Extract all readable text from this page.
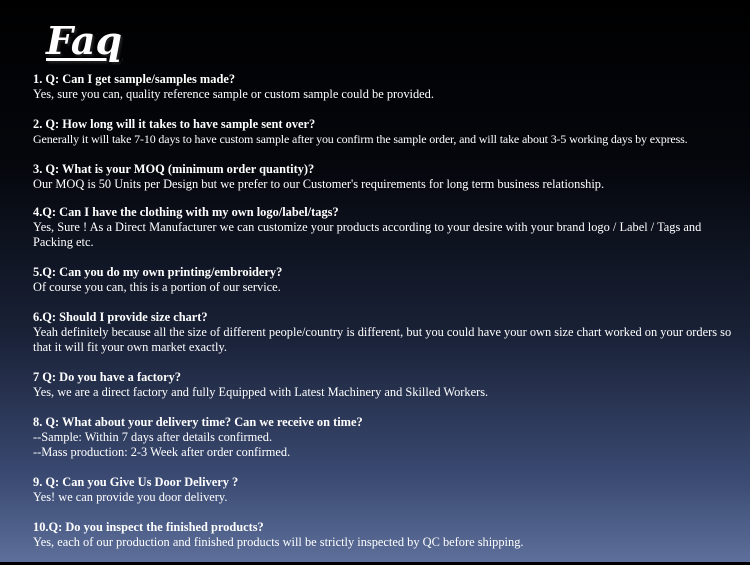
Faq
1. Q: Can I get sample/samples made?
Yes, sure you can, quality reference sample or custom sample could be provided.
2. Q: How long will it takes to have sample sent over?
Generally it will take 7-10 days to have custom sample after you confirm the sample order, and will take about 3-5 working days by express.
3. Q: What is your MOQ (minimum order quantity)?
Our MOQ is 50 Units per Design but we prefer to our Customer's requirements for long term business relationship.
4.Q: Can I have the clothing with my own logo/label/tags?
Yes, Sure ! As a Direct Manufacturer we can customize your products according to your desire with your brand logo / Label / Tags and Packing etc.
5.Q: Can you do my own printing/embroidery?
Of course you can, this is a portion of our service.
6.Q: Should I provide size chart?
Yeah definitely because all the size of different people/country is different, but you could have your own size chart worked on your orders so that it will fit your own market exactly.
7 Q: Do you have a factory?
Yes, we are a direct factory and fully Equipped with Latest Machinery and Skilled Workers.
8. Q: What about your delivery time? Can we receive on time?
--Sample: Within 7 days after details confirmed.
--Mass production: 2-3 Week after order confirmed.
9. Q: Can you Give Us Door Delivery ?
Yes! we can provide you door delivery.
10.Q: Do you inspect the finished products?
Yes, each of our production and finished products will be strictly inspected by QC before shipping.
